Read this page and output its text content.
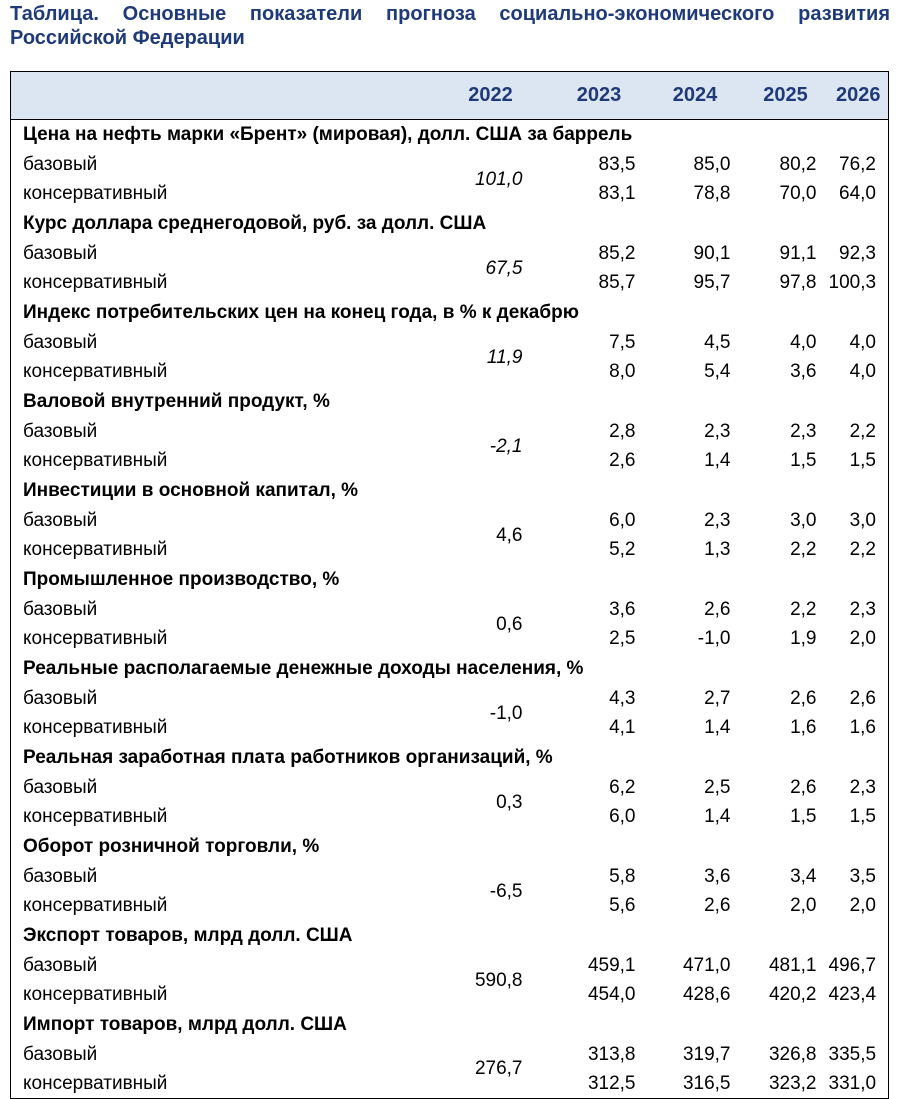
Таблица. Основные показатели прогноза социально-экономического развития Российской Федерации
	2022	2023	2024	2025	2026
Цена на нефть марки «Брент» (мировая), долл. США за баррель					
базовый	101,0	83,5	85,0	80,2	76,2
консервативный		83,1	78,8	70,0	64,0
Курс доллара среднегодовой, руб. за долл. США					
базовый	67,5	85,2	90,1	91,1	92,3
консервативный		85,7	95,7	97,8	100,3
Индекс потребительских цен на конец года, в % к декабрю					
базовый	11,9	7,5	4,5	4,0	4,0
консервативный		8,0	5,4	3,6	4,0
Валовой внутренний продукт, %					
базовый	-2,1	2,8	2,3	2,3	2,2
консервативный		2,6	1,4	1,5	1,5
Инвестиции в основной капитал, %					
базовый	4,6	6,0	2,3	3,0	3,0
консервативный		5,2	1,3	2,2	2,2
Промышленное производство, %					
базовый	0,6	3,6	2,6	2,2	2,3
консервативный		2,5	-1,0	1,9	2,0
Реальные располагаемые денежные доходы населения, %					
базовый	-1,0	4,3	2,7	2,6	2,6
консервативный		4,1	1,4	1,6	1,6
Реальная заработная плата работников организаций, %					
базовый	0,3	6,2	2,5	2,6	2,3
консервативный		6,0	1,4	1,5	1,5
Оборот розничной торговли, %					
базовый	-6,5	5,8	3,6	3,4	3,5
консервативный		5,6	2,6	2,0	2,0
Экспорт товаров, млрд долл. США					
базовый	590,8	459,1	471,0	481,1	496,7
консервативный		454,0	428,6	420,2	423,4
Импорт товаров, млрд долл. США					
базовый	276,7	313,8	319,7	326,8	335,5
консервативный		312,5	316,5	323,2	331,0
